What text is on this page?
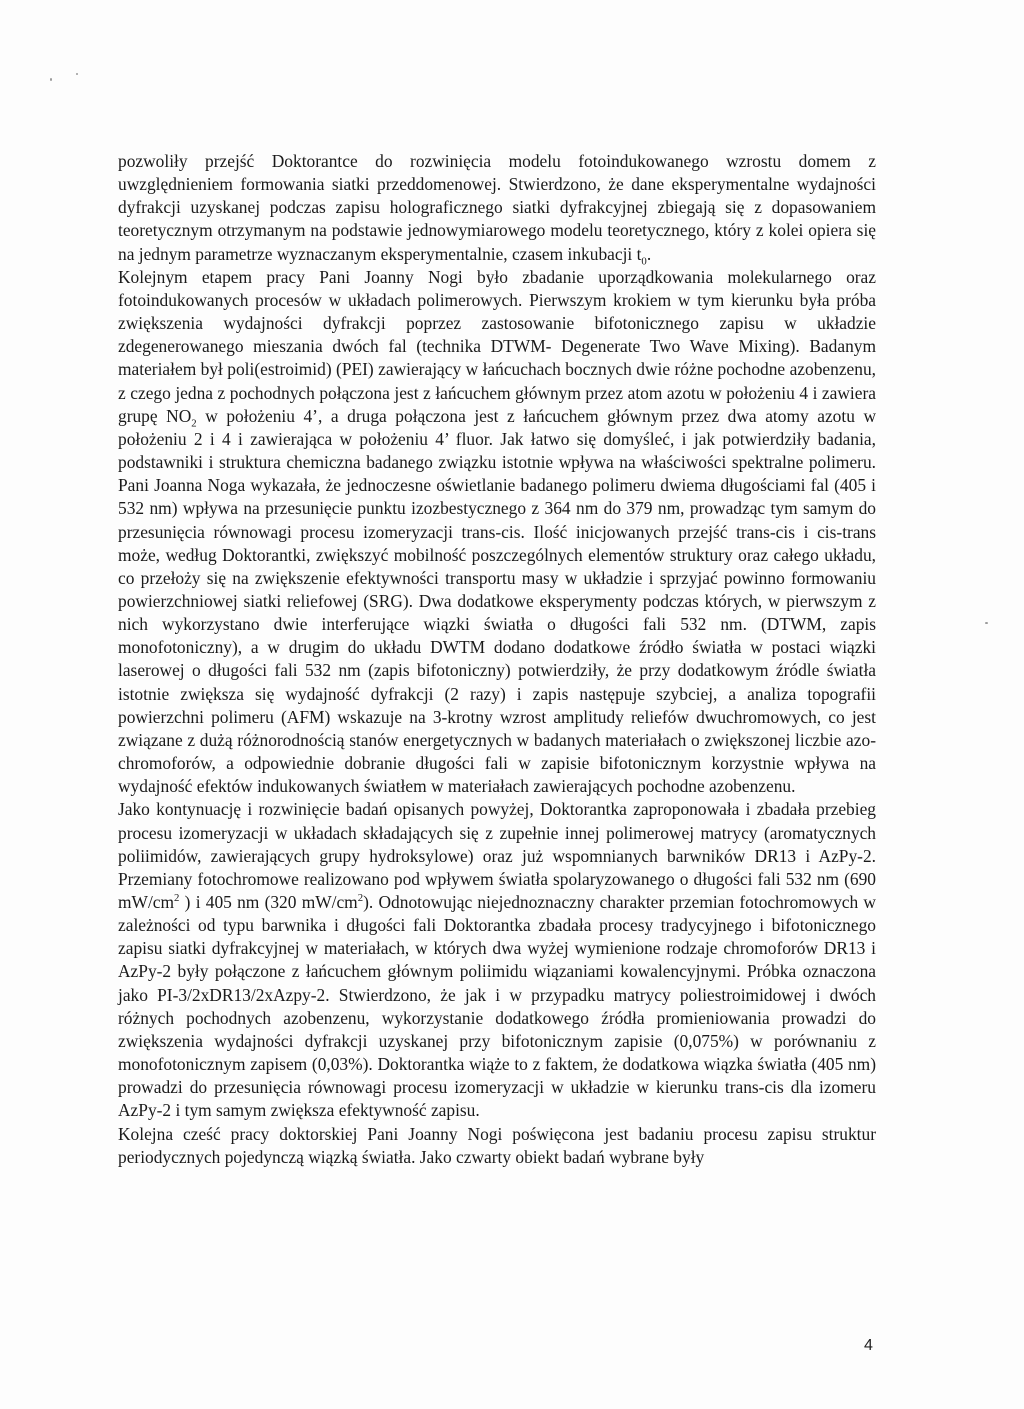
pozwoliły przejść Doktorantce do rozwinięcia modelu fotoindukowanego wzrostu domem z uwzględnieniem formowania siatki przeddomenowej. Stwierdzono, że dane eksperymentalne wydajności dyfrakcji uzyskanej podczas zapisu holograficznego siatki dyfrakcyjnej zbiegają się z dopasowaniem teoretycznym otrzymanym na podstawie jednowymiarowego modelu teoretycznego, który z kolei opiera się na jednym parametrze wyznaczanym eksperymentalnie, czasem inkubacji $t_0$.

Kolejnym etapem pracy Pani Joanny Nogi było zbadanie uporządkowania molekularnego oraz fotoindukowanych procesów w układach polimerowych. Pierwszym krokiem w tym kierunku była próba zwiększenia wydajności dyfrakcji poprzez zastosowanie bifotonicznego zapisu w układzie zdegenerowanego mieszania dwóch fal (technika DTWM- Degenerate Two Wave Mixing). Badanym materiałem był poli(estroimid) (PEI) zawierający w łańcuchach bocznych dwie różne pochodne azobenzenu, z czego jedna z pochodnych połączona jest z łańcuchem głównym przez atom azotu w położeniu 4 i zawiera grupę $NO_2$ w położeniu 4’, a druga połączona jest z łańcuchem głównym przez dwa atomy azotu w położeniu 2 i 4 i zawierająca w położeniu 4’ fluor. Jak łatwo się domyśleć, i jak potwierdziły badania, podstawniki i struktura chemiczna badanego związku istotnie wpływa na właściwości spektralne polimeru. Pani Joanna Noga wykazała, że jednoczesne oświetlanie badanego polimeru dwiema długościami fal (405 i 532 nm) wpływa na przesunięcie punktu izozbestycznego z 364 nm do 379 nm, prowadząc tym samym do przesunięcia równowagi procesu izomeryzacji trans-cis. Ilość inicjowanych przejść trans-cis i cis-trans może, według Doktorantki, zwiększyć mobilność poszczególnych elementów struktury oraz całego układu, co przełoży się na zwiększenie efektywności transportu masy w układzie i sprzyjać powinno formowaniu powierzchniowej siatki reliefowej (SRG). Dwa dodatkowe eksperymenty podczas których, w pierwszym z nich wykorzystano dwie interferujące wiązki światła o długości fali 532 nm. (DTWM, zapis monofotoniczny), a w drugim do układu DWTM dodano dodatkowe źródło światła w postaci wiązki laserowej o długości fali 532 nm (zapis bifotoniczny) potwierdziły, że przy dodatkowym źródle światła istotnie zwiększa się wydajność dyfrakcji (2 razy) i zapis następuje szybciej, a analiza topografii powierzchni polimeru (AFM) wskazuje na 3-krotny wzrost amplitudy reliefów dwuchromowych, co jest związane z dużą różnorodnością stanów energetycznych w badanych materiałach o zwiększonej liczbie azo-chromoforów, a odpowiednie dobranie długości fali w zapisie bifotonicznym korzystnie wpływa na wydajność efektów indukowanych światłem w materiałach zawierających pochodne azobenzenu.

Jako kontynuację i rozwinięcie badań opisanych powyżej, Doktorantka zaproponowała i zbadała przebieg procesu izomeryzacji w układach składających się z zupełnie innej polimerowej matrycy (aromatycznych poliimidów, zawierających grupy hydroksylowe) oraz już wspomnianych barwników DR13 i AzPy-2. Przemiany fotochromowe realizowano pod wpływem światła spolaryzowanego o długości fali 532 nm (690 $mW/cm^2$ ) i 405 nm (320 $mW/cm^2$). Odnotowując niejednoznaczny charakter przemian fotochromowych w zależności od typu barwnika i długości fali Doktorantka zbadała procesy tradycyjnego i bifotonicznego zapisu siatki dyfrakcyjnej w materiałach, w których dwa wyżej wymienione rodzaje chromoforów DR13 i AzPy-2 były połączone z łańcuchem głównym poliimidu wiązaniami kowalencyjnymi. Próbka oznaczona jako PI-3/2xDR13/2xAzpy-2. Stwierdzono, że jak i w przypadku matrycy poliestroimidowej i dwóch różnych pochodnych azobenzenu, wykorzystanie dodatkowego źródła promieniowania prowadzi do zwiększenia wydajności dyfrakcji uzyskanej przy bifotonicznym zapisie (0,075%) w porównaniu z monofotonicznym zapisem (0,03%). Doktorantka wiąże to z faktem, że dodatkowa wiązka światła (405 nm) prowadzi do przesunięcia równowagi procesu izomeryzacji w układzie w kierunku trans-cis dla izomeru AzPy-2 i tym samym zwiększa efektywność zapisu.

Kolejna cześć pracy doktorskiej Pani Joanny Nogi poświęcona jest badaniu procesu zapisu struktur periodycznych pojedynczą wiązką światła. Jako czwarty obiekt badań wybrane były

4
